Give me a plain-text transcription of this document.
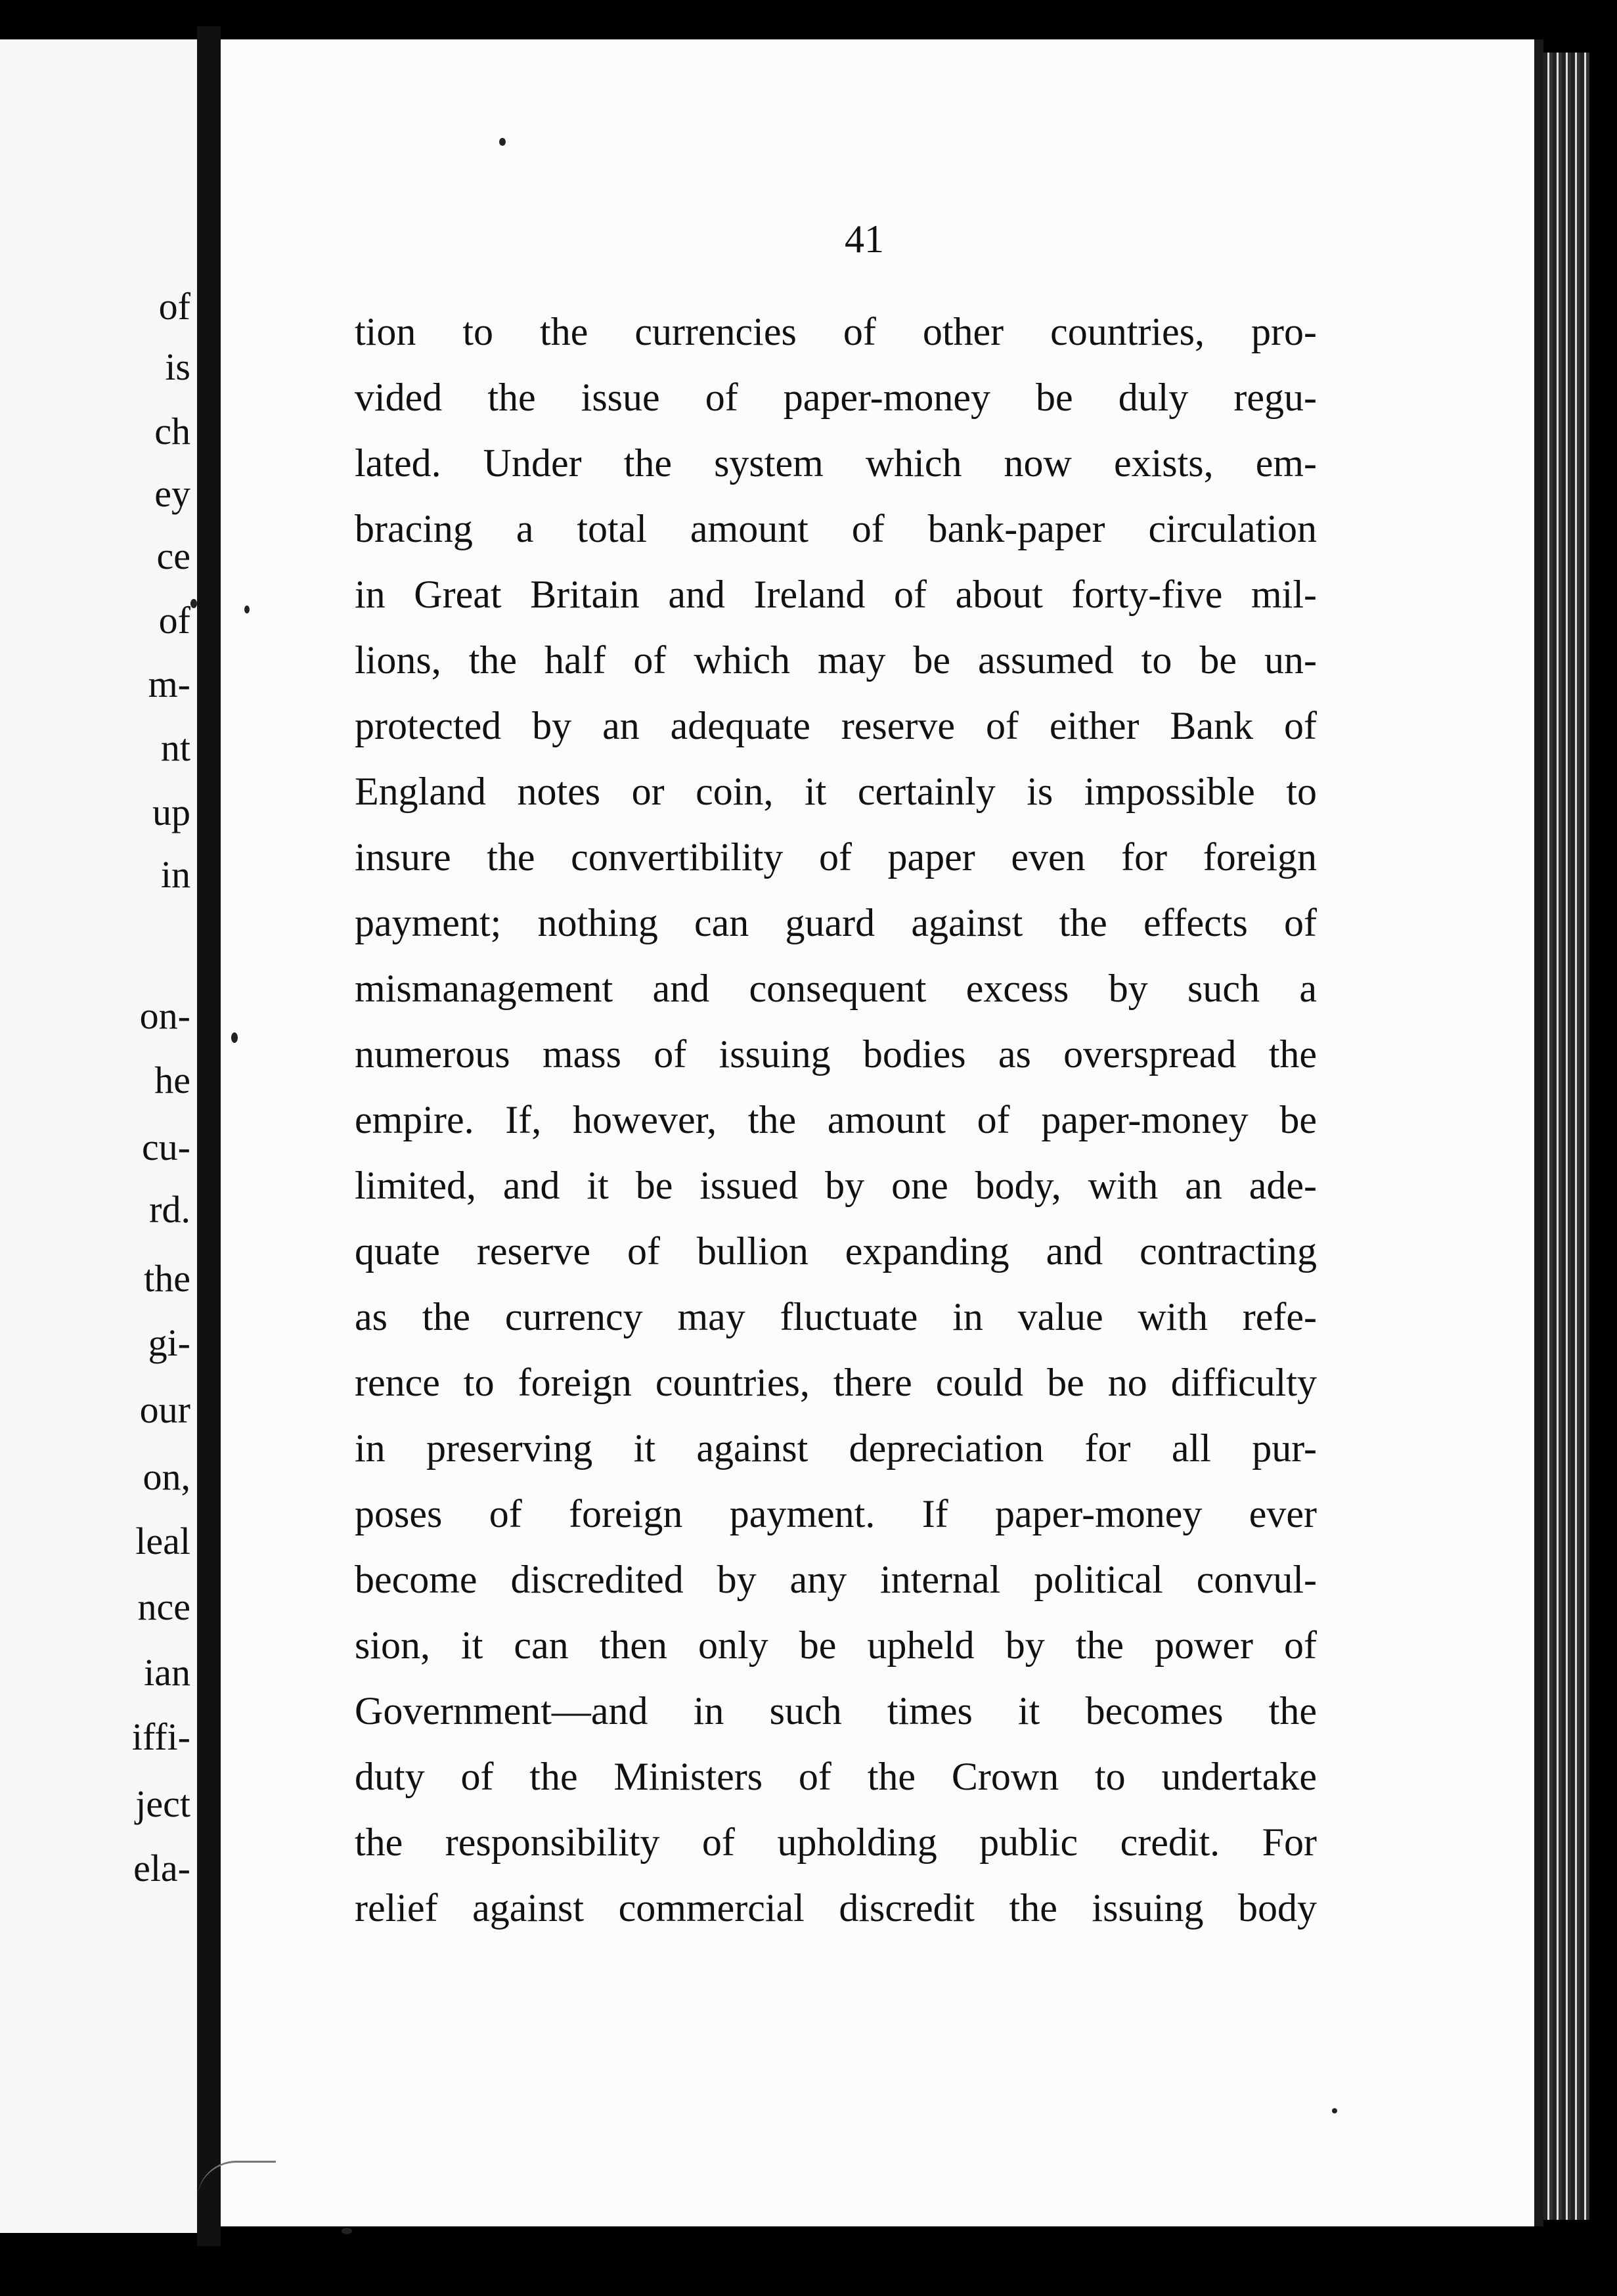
of
is
ch
ey
ce
of
m-
nt
up
in
on-
he
cu-
rd.
the
gi-
our
on,
leal
nce
ian
iffi-
ject
ela-
41
tion to the currencies of other countries, pro-
vided the issue of paper-money be duly regu-
lated. Under the system which now exists, em-
bracing a total amount of bank-paper circulation
in Great Britain and Ireland of about forty-five mil-
lions, the half of which may be assumed to be un-
protected by an adequate reserve of either Bank of
England notes or coin, it certainly is impossible to
insure the convertibility of paper even for foreign
payment; nothing can guard against the effects of
mismanagement and consequent excess by such a
numerous mass of issuing bodies as overspread the
empire. If, however, the amount of paper-money be
limited, and it be issued by one body, with an ade-
quate reserve of bullion expanding and contracting
as the currency may fluctuate in value with refe-
rence to foreign countries, there could be no difficulty
in preserving it against depreciation for all pur-
poses of foreign payment. If paper-money ever
become discredited by any internal political convul-
sion, it can then only be upheld by the power of
Government—and in such times it becomes the
duty of the Ministers of the Crown to undertake
the responsibility of upholding public credit. For
relief against commercial discredit the issuing body
